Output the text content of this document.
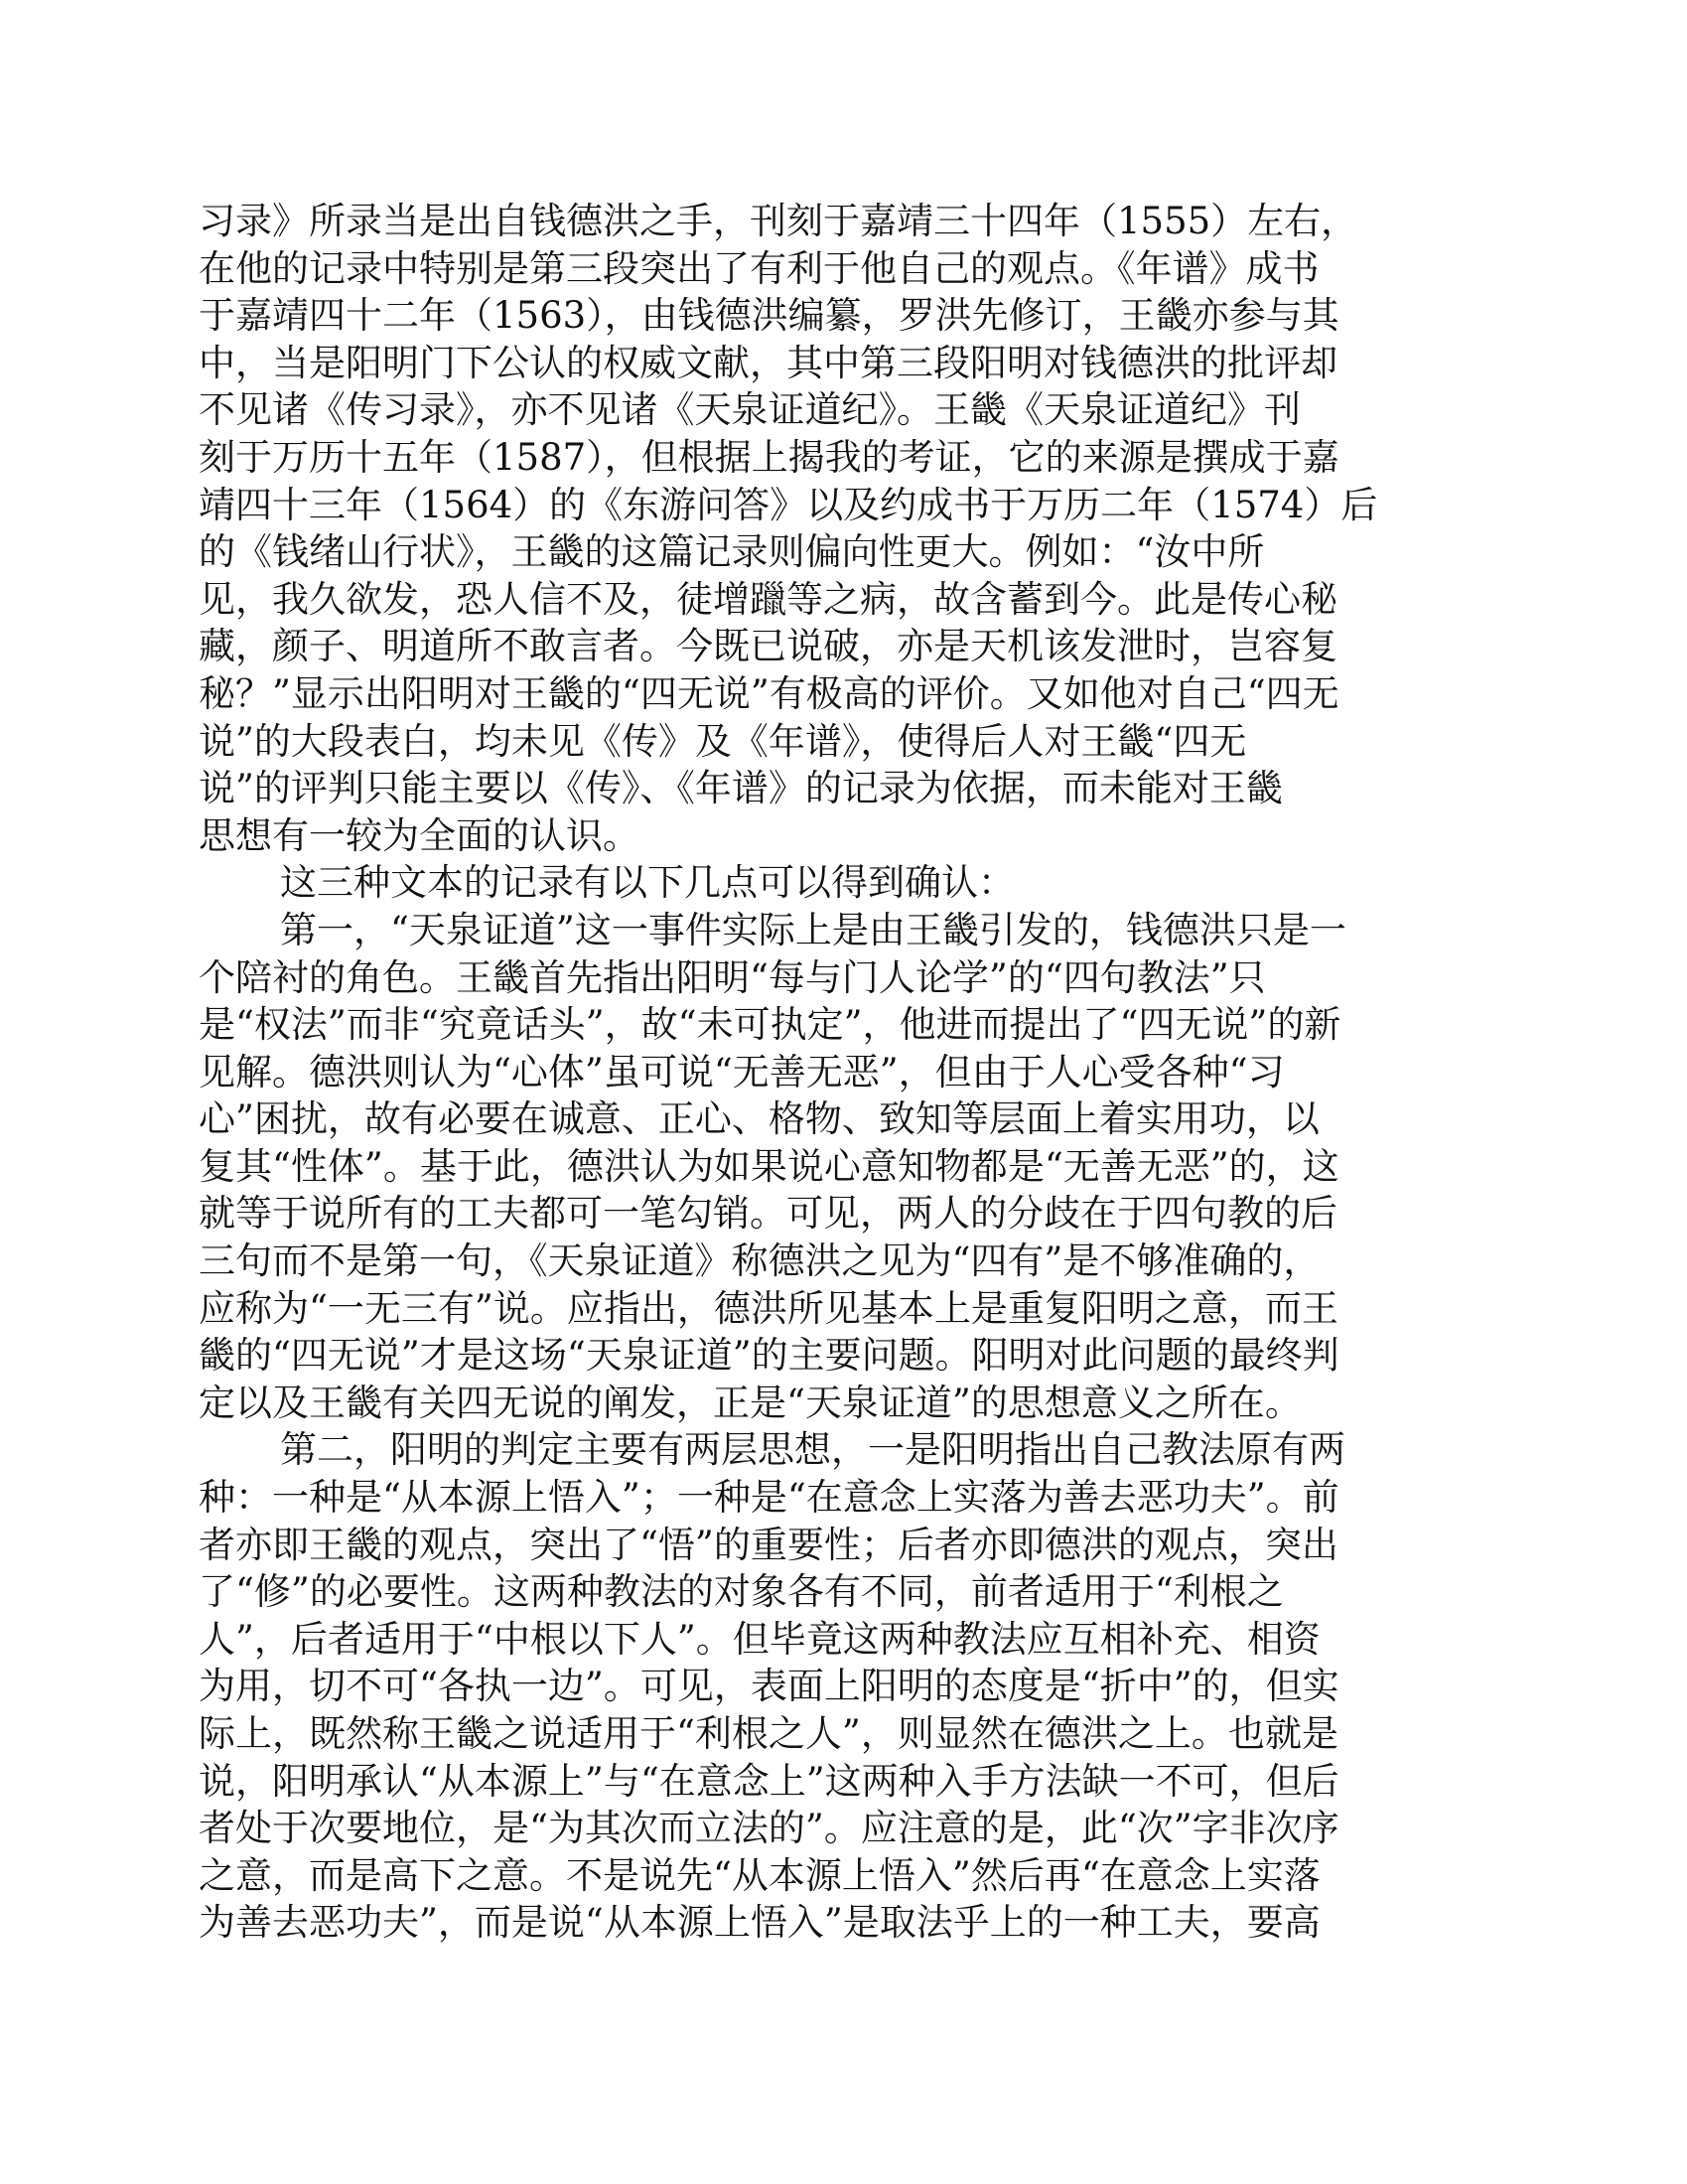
习录》所录当是出自钱德洪之手，刊刻于嘉靖三十四年（1555）左右，
在他的记录中特别是第三段突出了有利于他自己的观点。《年谱》成书
于嘉靖四十二年（1563），由钱德洪编纂，罗洪先修订，王畿亦参与其
中，当是阳明门下公认的权威文献，其中第三段阳明对钱德洪的批评却
不见诸《传习录》，亦不见诸《天泉证道纪》。王畿《天泉证道纪》刊
刻于万历十五年（1587），但根据上揭我的考证，它的来源是撰成于嘉
靖四十三年（1564）的《东游问答》以及约成书于万历二年（1574）后
的《钱绪山行状》，王畿的这篇记录则偏向性更大。例如：“汝中所
见，我久欲发，恐人信不及，徒增躐等之病，故含蓄到今。此是传心秘
藏，颜子、明道所不敢言者。今既已说破，亦是天机该发泄时，岂容复
秘？”显示出阳明对王畿的“四无说”有极高的评价。又如他对自己“四无
说”的大段表白，均未见《传》及《年谱》，使得后人对王畿“四无
说”的评判只能主要以《传》、《年谱》的记录为依据，而未能对王畿
思想有一较为全面的认识。
这三种文本的记录有以下几点可以得到确认：
第一，“天泉证道”这一事件实际上是由王畿引发的，钱德洪只是一
个陪衬的角色。王畿首先指出阳明“每与门人论学”的“四句教法”只
是“权法”而非“究竟话头”，故“未可执定”，他进而提出了“四无说”的新
见解。德洪则认为“心体”虽可说“无善无恶”，但由于人心受各种“习
心”困扰，故有必要在诚意、正心、格物、致知等层面上着实用功，以
复其“性体”。基于此，德洪认为如果说心意知物都是“无善无恶”的，这
就等于说所有的工夫都可一笔勾销。可见，两人的分歧在于四句教的后
三句而不是第一句，《天泉证道》称德洪之见为“四有”是不够准确的，
应称为“一无三有”说。应指出，德洪所见基本上是重复阳明之意，而王
畿的“四无说”才是这场“天泉证道”的主要问题。阳明对此问题的最终判
定以及王畿有关四无说的阐发，正是“天泉证道”的思想意义之所在。
第二，阳明的判定主要有两层思想，一是阳明指出自己教法原有两
种：一种是“从本源上悟入”；一种是“在意念上实落为善去恶功夫”。前
者亦即王畿的观点，突出了“悟”的重要性；后者亦即德洪的观点，突出
了“修”的必要性。这两种教法的对象各有不同，前者适用于“利根之
人”，后者适用于“中根以下人”。但毕竟这两种教法应互相补充、相资
为用，切不可“各执一边”。可见，表面上阳明的态度是“折中”的，但实
际上，既然称王畿之说适用于“利根之人”，则显然在德洪之上。也就是
说，阳明承认“从本源上”与“在意念上”这两种入手方法缺一不可，但后
者处于次要地位，是“为其次而立法的”。应注意的是，此“次”字非次序
之意，而是高下之意。不是说先“从本源上悟入”然后再“在意念上实落
为善去恶功夫”，而是说“从本源上悟入”是取法乎上的一种工夫，要高
